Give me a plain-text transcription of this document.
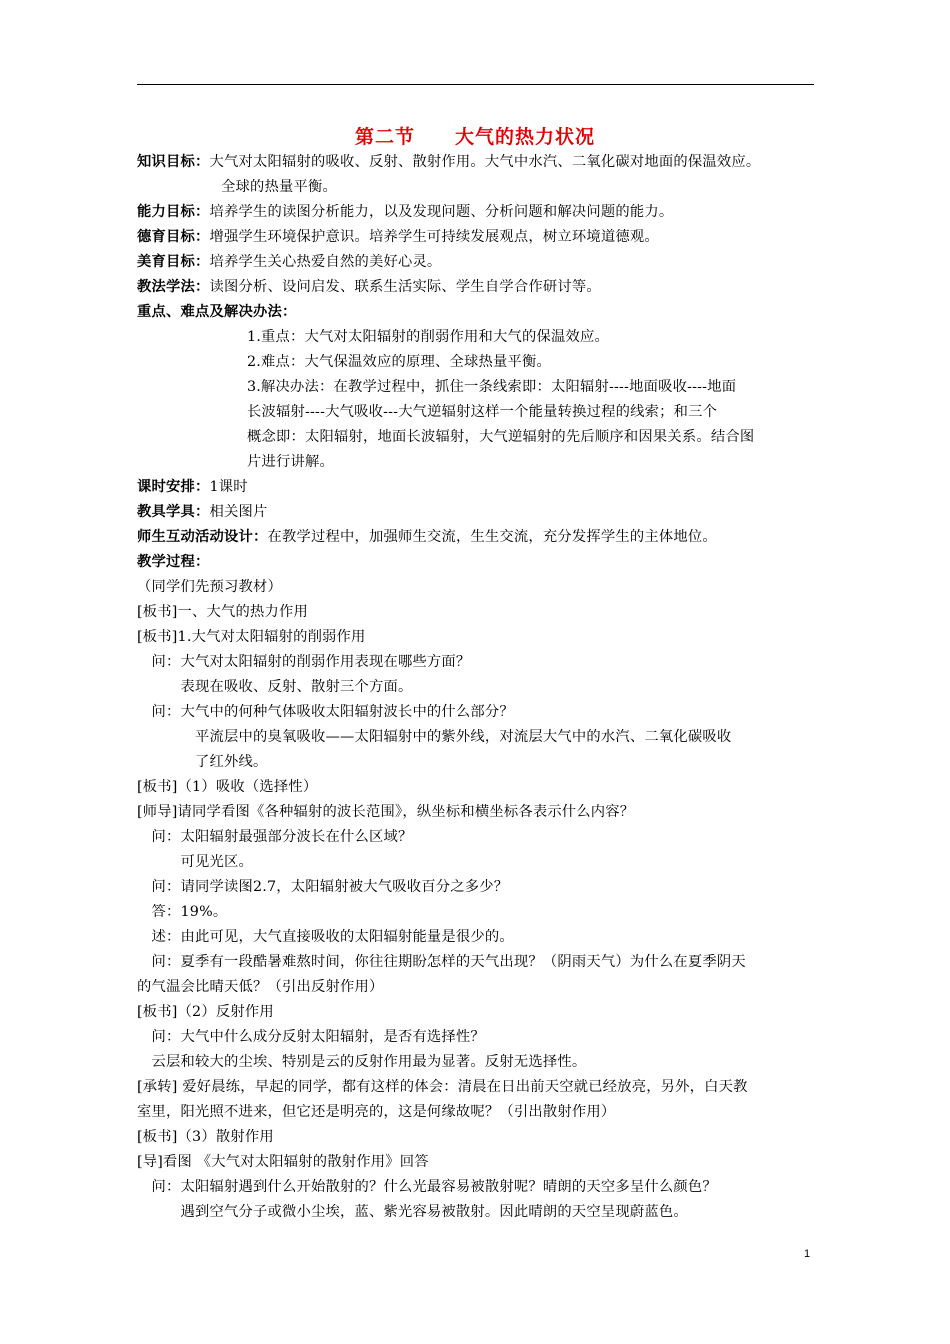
第二节　　大气的热力状况
知识目标：大气对太阳辐射的吸收、反射、散射作用。大气中水汽、二氧化碳对地面的保温效应。
全球的热量平衡。
能力目标：培养学生的读图分析能力，以及发现问题、分析问题和解决问题的能力。
德育目标：增强学生环境保护意识。培养学生可持续发展观点，树立环境道德观。
美育目标：培养学生关心热爱自然的美好心灵。
教法学法：读图分析、设问启发、联系生活实际、学生自学合作研讨等。
重点、难点及解决办法：
1.重点：大气对太阳辐射的削弱作用和大气的保温效应。
2.难点：大气保温效应的原理、全球热量平衡。
3.解决办法：在教学过程中，抓住一条线索即：太阳辐射----地面吸收----地面
长波辐射----大气吸收---大气逆辐射这样一个能量转换过程的线索；和三个
概念即：太阳辐射，地面长波辐射，大气逆辐射的先后顺序和因果关系。结合图
片进行讲解。
课时安排：1课时
教具学具：相关图片
师生互动活动设计：在教学过程中，加强师生交流，生生交流，充分发挥学生的主体地位。
教学过程：
（同学们先预习教材）
[板书]一、大气的热力作用
[板书]1.大气对太阳辐射的削弱作用
　问：大气对太阳辐射的削弱作用表现在哪些方面？
　　　表现在吸收、反射、散射三个方面。
　问：大气中的何种气体吸收太阳辐射波长中的什么部分？
　　　　平流层中的臭氧吸收——太阳辐射中的紫外线，对流层大气中的水汽、二氧化碳吸收
　　　　了红外线。
[板书]（1）吸收（选择性）
[师导]请同学看图《各种辐射的波长范围》，纵坐标和横坐标各表示什么内容？
　问：太阳辐射最强部分波长在什么区域？
　　　可见光区。
　问：请同学读图2.7，太阳辐射被大气吸收百分之多少？
　答：19%。
　述：由此可见，大气直接吸收的太阳辐射能量是很少的。
　问：夏季有一段酷暑难熬时间，你往往期盼怎样的天气出现？（阴雨天气）为什么在夏季阴天
的气温会比晴天低？（引出反射作用）
[板书]（2）反射作用
　问：大气中什么成分反射太阳辐射，是否有选择性？
　云层和较大的尘埃、特别是云的反射作用最为显著。反射无选择性。
[承转] 爱好晨练，早起的同学，都有这样的体会：清晨在日出前天空就已经放亮，另外，白天教
室里，阳光照不进来，但它还是明亮的，这是何缘故呢？（引出散射作用）
[板书]（3）散射作用
[导]看图 《大气对太阳辐射的散射作用》回答
　问：太阳辐射遇到什么开始散射的？什么光最容易被散射呢？晴朗的天空多呈什么颜色？
　　　遇到空气分子或微小尘埃，蓝、紫光容易被散射。因此晴朗的天空呈现蔚蓝色。
1
